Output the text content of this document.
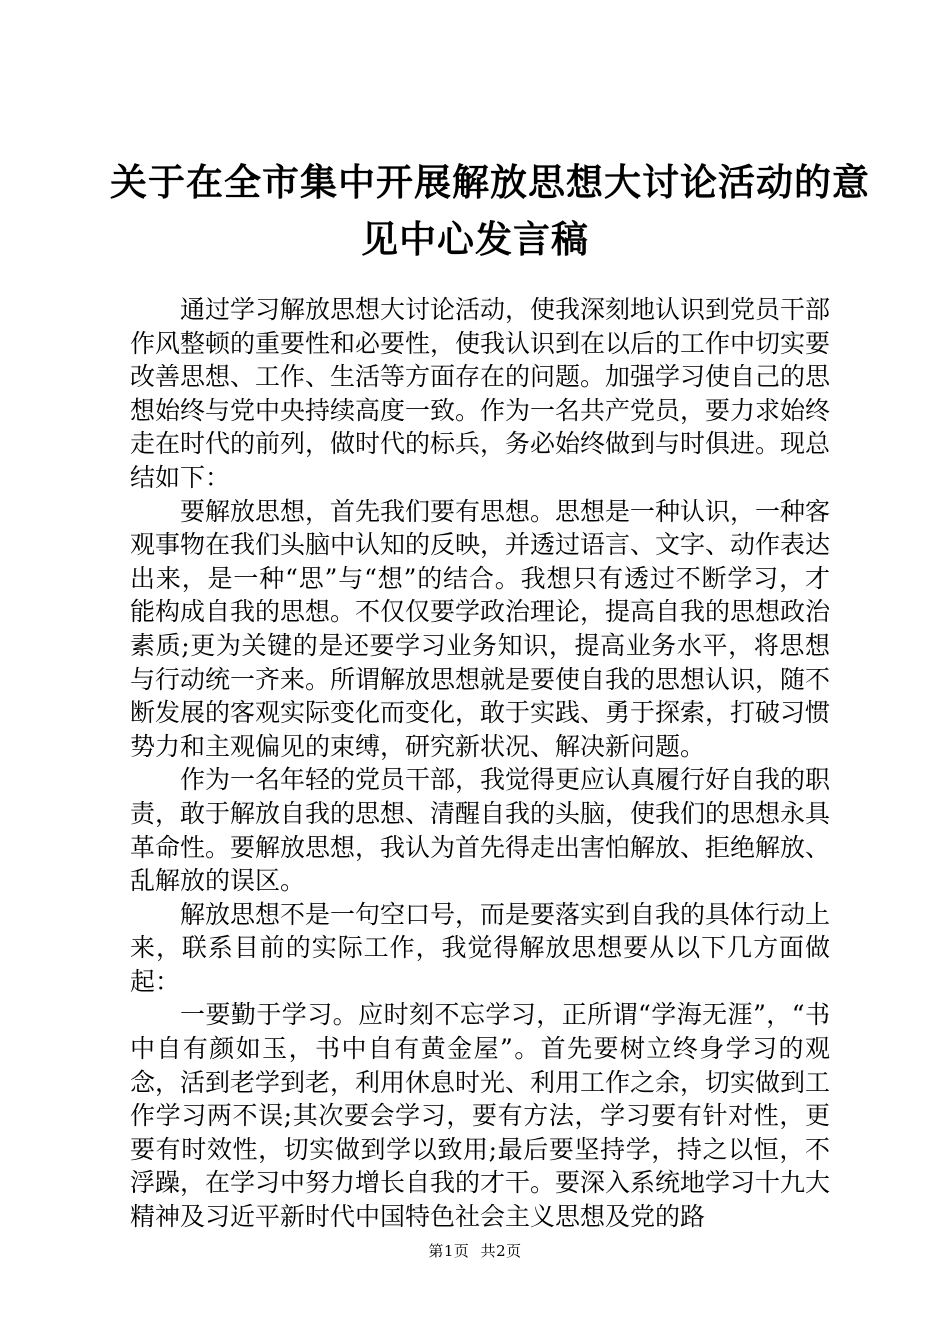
关于在全市集中开展解放思想大讨论活动的意
见中心发言稿

通过学习解放思想大讨论活动，使我深刻地认识到党员干部作风整顿的重要性和必要性，使我认识到在以后的工作中切实要改善思想、工作、生活等方面存在的问题。加强学习使自己的思想始终与党中央持续高度一致。作为一名共产党员，要力求始终走在时代的前列，做时代的标兵，务必始终做到与时俱进。现总结如下：

要解放思想，首先我们要有思想。思想是一种认识，一种客观事物在我们头脑中认知的反映，并透过语言、文字、动作表达出来，是一种“思”与“想”的结合。我想只有透过不断学习，才能构成自我的思想。不仅仅要学政治理论，提高自我的思想政治素质;更为关键的是还要学习业务知识，提高业务水平，将思想与行动统一齐来。所谓解放思想就是要使自我的思想认识，随不断发展的客观实际变化而变化，敢于实践、勇于探索，打破习惯势力和主观偏见的束缚，研究新状况、解决新问题。

作为一名年轻的党员干部，我觉得更应认真履行好自我的职责，敢于解放自我的思想、清醒自我的头脑，使我们的思想永具革命性。要解放思想，我认为首先得走出害怕解放、拒绝解放、乱解放的误区。

解放思想不是一句空口号，而是要落实到自我的具体行动上来，联系目前的实际工作，我觉得解放思想要从以下几方面做起：

一要勤于学习。应时刻不忘学习，正所谓“学海无涯”，“书中自有颜如玉，书中自有黄金屋”。首先要树立终身学习的观念，活到老学到老，利用休息时光、利用工作之余，切实做到工作学习两不误;其次要会学习，要有方法，学习要有针对性，更要有时效性，切实做到学以致用;最后要坚持学，持之以恒，不浮躁，在学习中努力增长自我的才干。要深入系统地学习十九大精神及习近平新时代中国特色社会主义思想及党的路

第1页 共2页
